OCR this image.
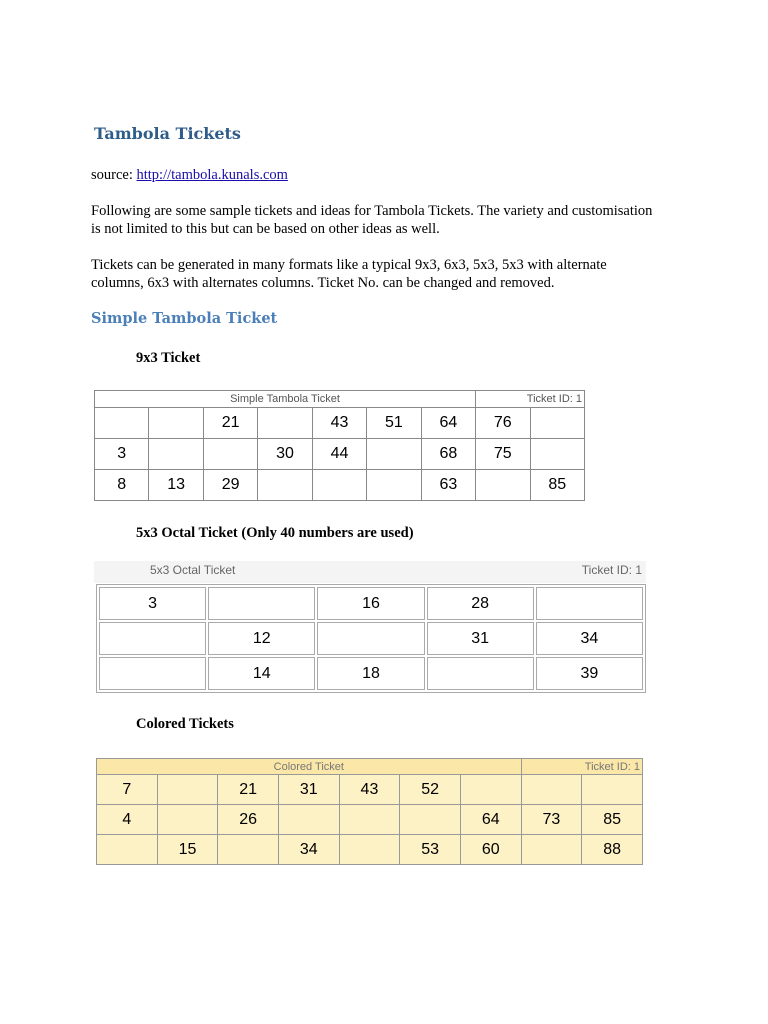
Tambola Tickets

source: http://tambola.kunals.com

Following are some sample tickets and ideas for Tambola Tickets. The variety and customisation
is not limited to this but can be based on other ideas as well.

Tickets can be generated in many formats like a typical 9x3, 6x3, 5x3, 5x3 with alternate
columns, 6x3 with alternates columns. Ticket No. can be changed and removed.

Simple Tambola Ticket
9x3 Ticket
Simple Tambola Ticket							Ticket ID: 1	
		21		43	51	64	76	
3			30	44		68	75	
8	13	29				63		85
5x3 Octal Ticket (Only 40 numbers are used)
5x3 Octal Ticket	Ticket ID: 1
3		16	28	
	12		31	34
	14	18		39
Colored Tickets
Colored Ticket							Ticket ID: 1	
7		21	31	43	52			
4		26				64	73	85
	15		34		53	60		88
